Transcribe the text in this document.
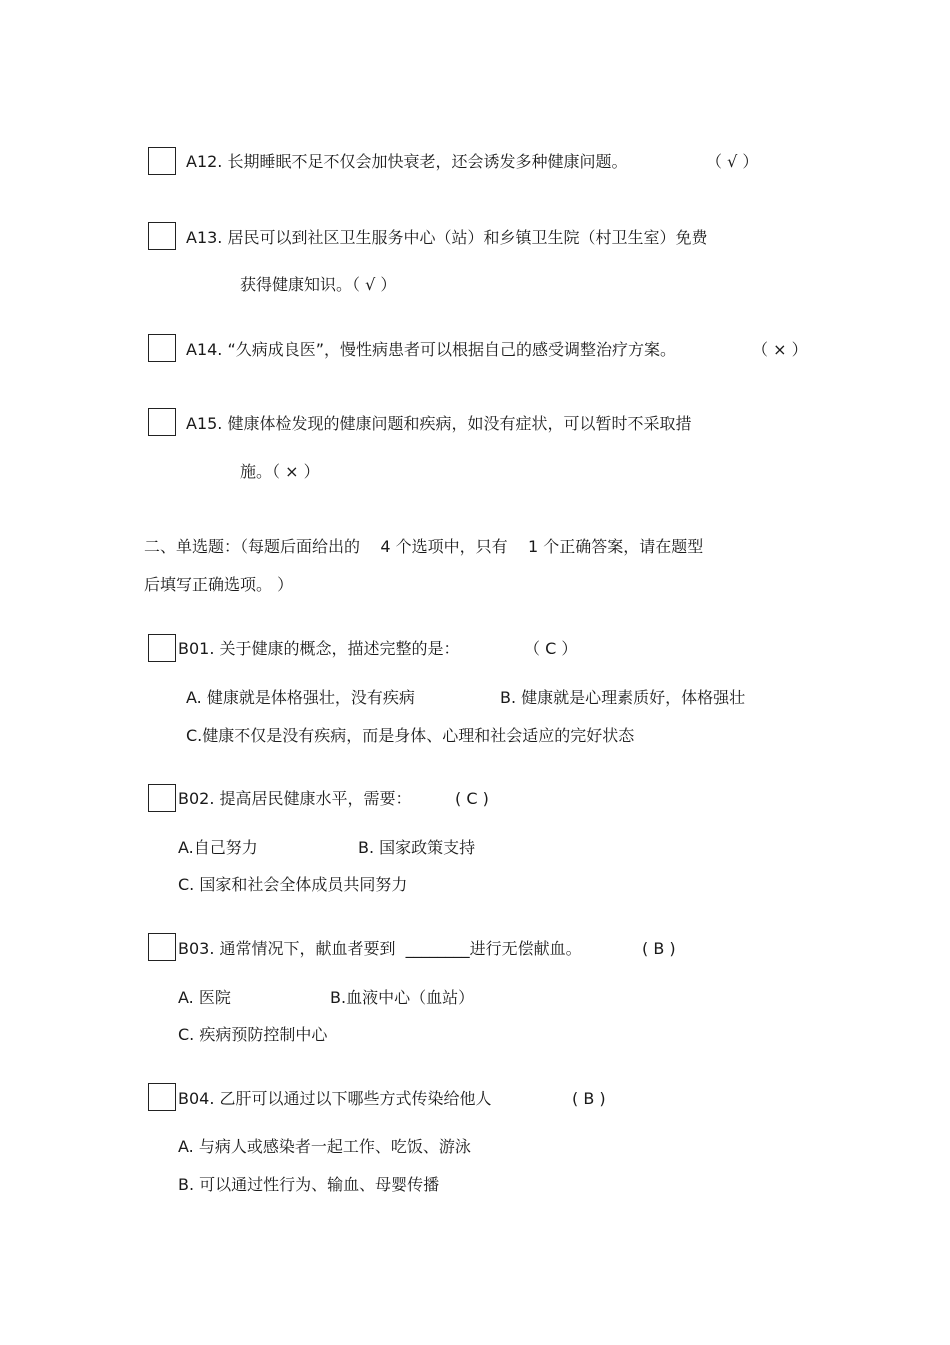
A12. 长期睡眠不足不仅会加快衰老，还会诱发多种健康问题。	（ √ ）
A13. 居民可以到社区卫生服务中心（站）和乡镇卫生院（村卫生室）免费
获得健康知识。（ √ ）
A14. “久病成良医”，慢性病患者可以根据自己的感受调整治疗方案。	（ × ）
A15. 健康体检发现的健康问题和疾病，如没有症状，可以暂时不采取措
施。（ × ）
二、单选题：（每题后面给出的    4 个选项中，只有    1 个正确答案，请在题型
后填写正确选项。 ）
B01. 关于健康的概念，描述完整的是：	（ C ）
A. 健康就是体格强壮，没有疾病	B. 健康就是心理素质好，体格强壮
C.健康不仅是没有疾病，而是身体、心理和社会适应的完好状态
B02. 提高居民健康水平，需要：	( C )
A.自己努力	B. 国家政策支持
C. 国家和社会全体成员共同努力
B03. 通常情况下，献血者要到  ________进行无偿献血。	( B )
A. 医院	B.血液中心（血站）
C. 疾病预防控制中心
B04. 乙肝可以通过以下哪些方式传染给他人	( B )
A. 与病人或感染者一起工作、吃饭、游泳
B. 可以通过性行为、输血、母婴传播
